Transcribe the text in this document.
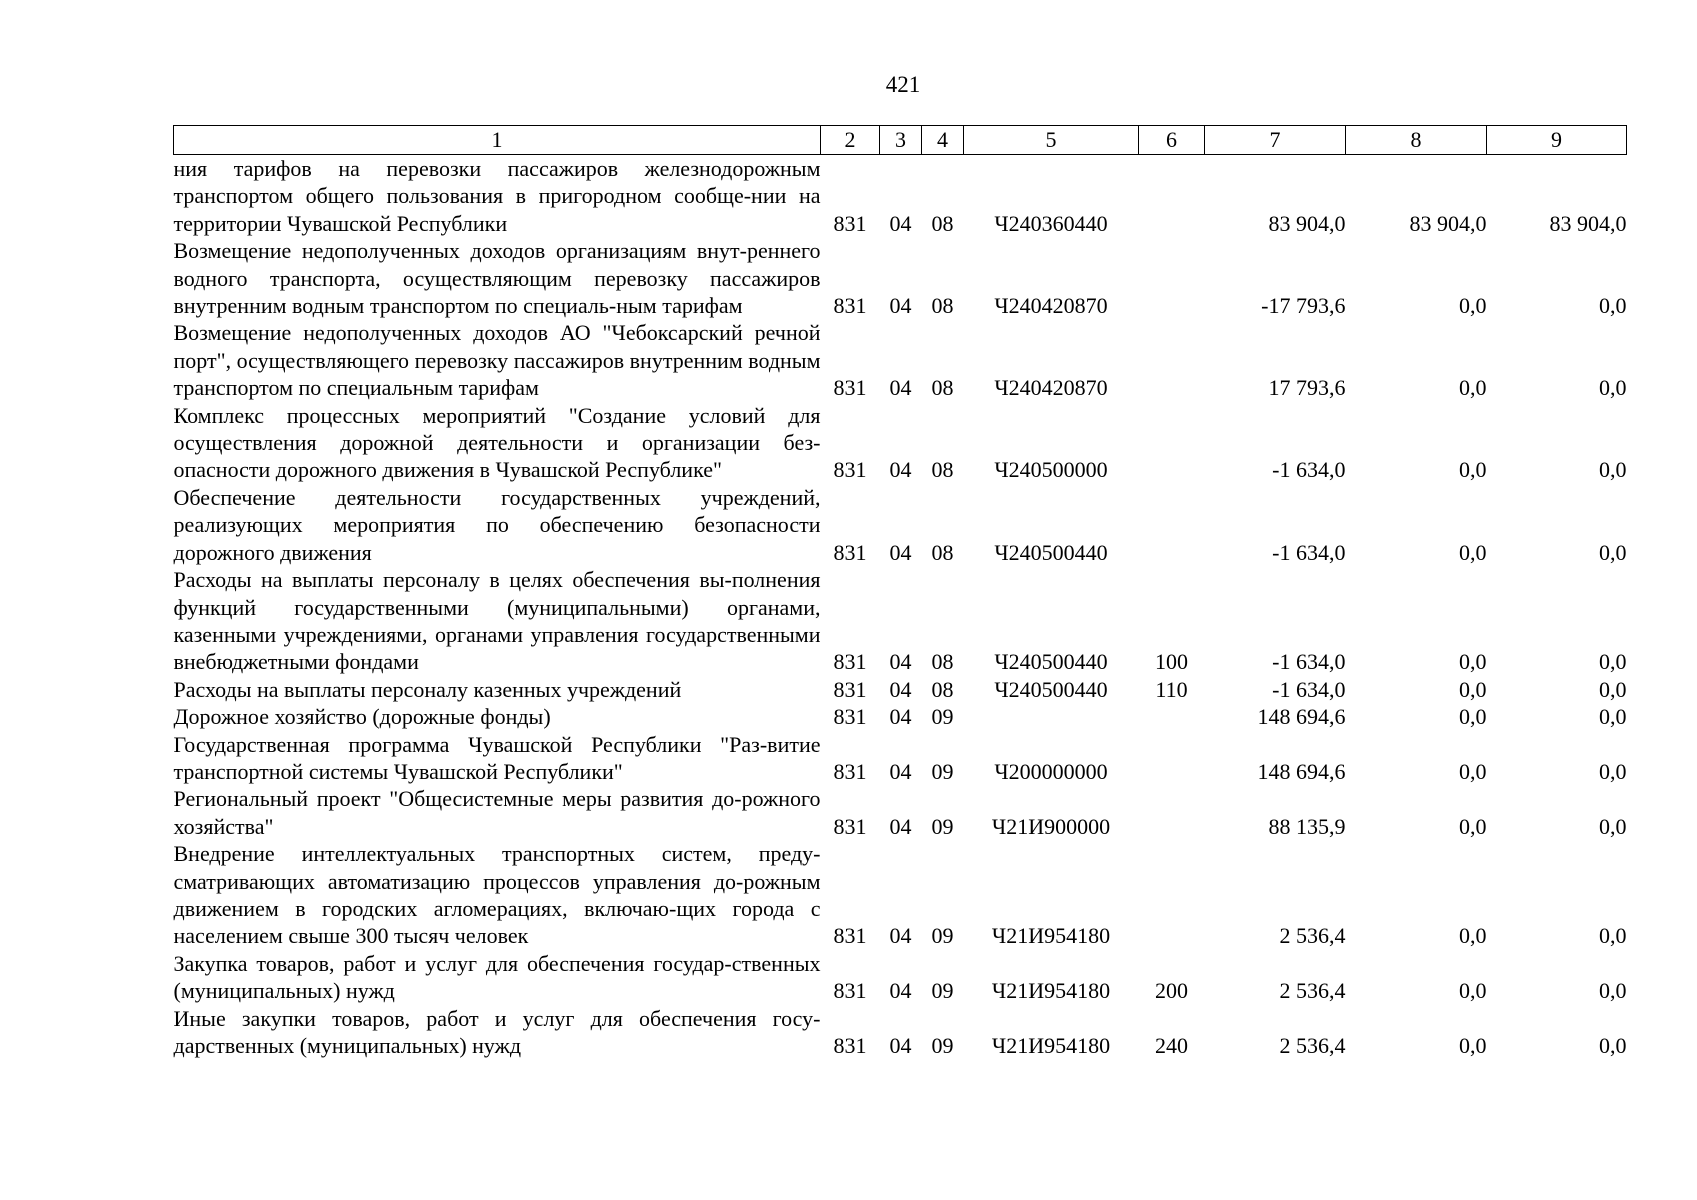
421
1	2	3	4	5	6	7	8	9
ния тарифов на перевозки пассажиров железнодорожным транспортом общего пользования в пригородном сообще-нии на территории Чувашской Республики	831	04	08	Ч240360440		83 904,0	83 904,0	83 904,0
Возмещение недополученных доходов организациям внут-реннего водного транспорта, осуществляющим перевозку пассажиров внутренним водным транспортом по специаль-ным тарифам	831	04	08	Ч240420870		-17 793,6	0,0	0,0
Возмещение недополученных доходов АО "Чебоксарский речной порт", осуществляющего перевозку пассажиров внутренним водным транспортом по специальным тарифам	831	04	08	Ч240420870		17 793,6	0,0	0,0
Комплекс процессных мероприятий "Создание условий для осуществления дорожной деятельности и организации без-опасности дорожного движения в Чувашской Республике"	831	04	08	Ч240500000		-1 634,0	0,0	0,0
Обеспечение деятельности государственных учреждений, реализующих мероприятия по обеспечению безопасности дорожного движения	831	04	08	Ч240500440		-1 634,0	0,0	0,0
Расходы на выплаты персоналу в целях обеспечения вы-полнения функций государственными (муниципальными) органами, казенными учреждениями, органами управления государственными внебюджетными фондами	831	04	08	Ч240500440	100	-1 634,0	0,0	0,0
Расходы на выплаты персоналу казенных учреждений	831	04	08	Ч240500440	110	-1 634,0	0,0	0,0
Дорожное хозяйство (дорожные фонды)	831	04	09			148 694,6	0,0	0,0
Государственная программа Чувашской Республики "Раз-витие транспортной системы Чувашской Республики"	831	04	09	Ч200000000		148 694,6	0,0	0,0
Региональный проект "Общесистемные меры развития до-рожного хозяйства"	831	04	09	Ч21И900000		88 135,9	0,0	0,0
Внедрение интеллектуальных транспортных систем, преду-сматривающих автоматизацию процессов управления до-рожным движением в городских агломерациях, включаю-щих города с населением свыше 300 тысяч человек	831	04	09	Ч21И954180		2 536,4	0,0	0,0
Закупка товаров, работ и услуг для обеспечения государ-ственных (муниципальных) нужд	831	04	09	Ч21И954180	200	2 536,4	0,0	0,0
Иные закупки товаров, работ и услуг для обеспечения госу-дарственных (муниципальных) нужд	831	04	09	Ч21И954180	240	2 536,4	0,0	0,0
